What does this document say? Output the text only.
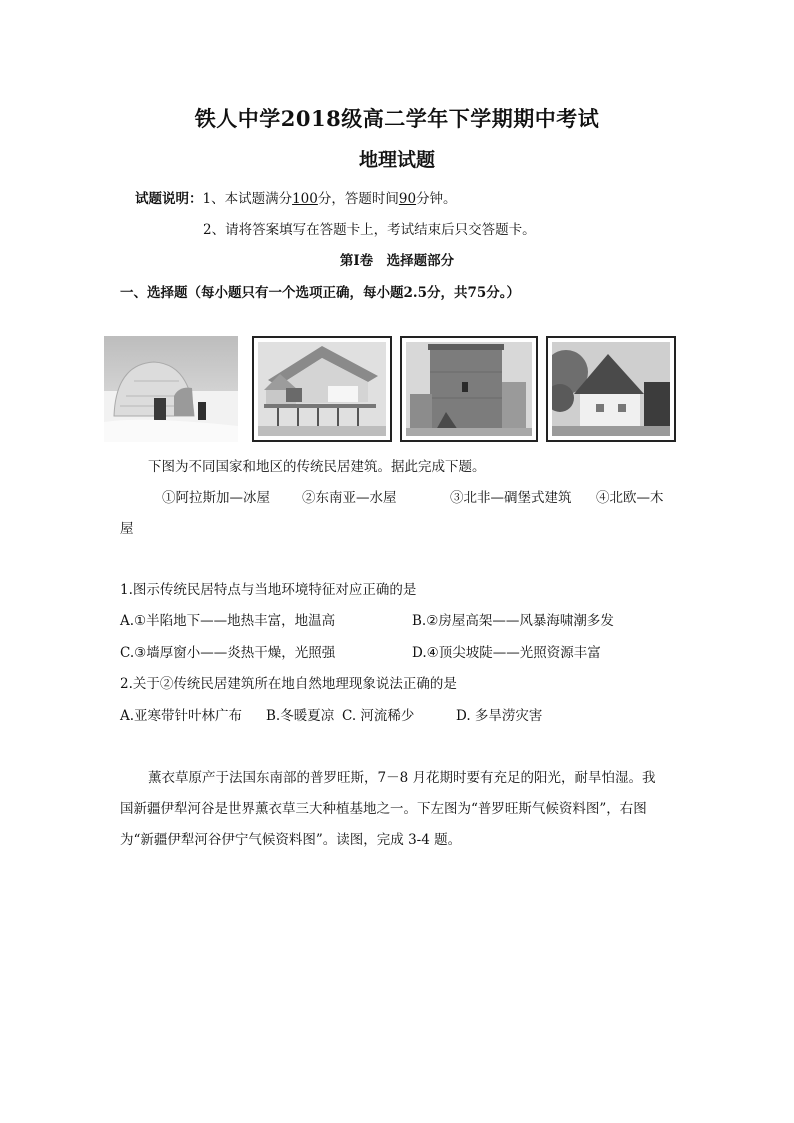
铁人中学2018级高二学年下学期期中考试
地理试题
试题说明：1、本试题满分100分，答题时间90分钟。
2、请将答案填写在答题卡上，考试结束后只交答题卡。
第Ⅰ卷　选择题部分
一、选择题（每小题只有一个选项正确，每小题2.5分，共75分。）
下图为不同国家和地区的传统民居建筑。据此完成下题。
①阿拉斯加—冰屋 ②东南亚—水屋	③北非—碉堡式建筑 ④北欧—木
屋
1.图示传统民居特点与当地环境特征对应正确的是
A.①半陷地下——地热丰富，地温高	B.②房屋高架——风暴海啸潮多发
C.③墙厚窗小——炎热干燥，光照强	D.④顶尖坡陡——光照资源丰富
2.关于②传统民居建筑所在地自然地理现象说法正确的是
A.亚寒带针叶林广布 B.冬暖夏凉 C. 河流稀少	D. 多旱涝灾害
薰衣草原产于法国东南部的普罗旺斯，7－8 月花期时要有充足的阳光，耐旱怕湿。我
国新疆伊犁河谷是世界薰衣草三大种植基地之一。下左图为“普罗旺斯气候资料图”，右图
为“新疆伊犁河谷伊宁气候资料图”。读图，完成 3-4 题。
